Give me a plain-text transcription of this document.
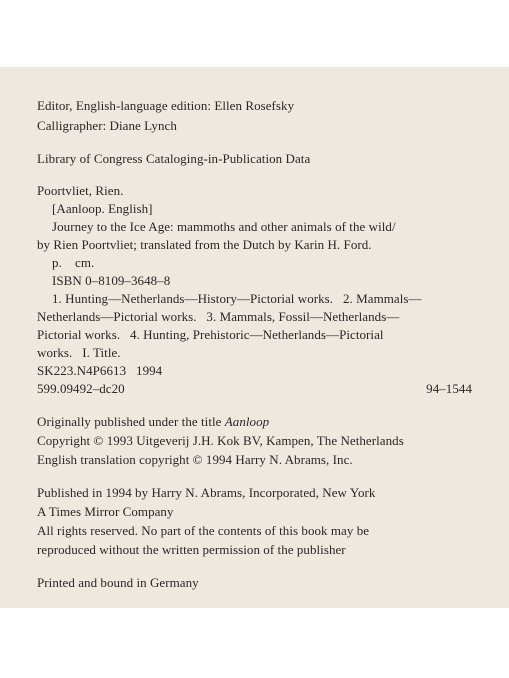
Editor, English-language edition: Ellen Rosefsky
Calligrapher: Diane Lynch
Library of Congress Cataloging-in-Publication Data
Poortvliet, Rien.
[Aanloop. English]
Journey to the Ice Age: mammoths and other animals of the wild/
by Rien Poortvliet; translated from the Dutch by Karin H. Ford.
p.    cm.
ISBN 0–8109–3648–8
1. Hunting—Netherlands—History—Pictorial works.   2. Mammals—
Netherlands—Pictorial works.   3. Mammals, Fossil—Netherlands—
Pictorial works.   4. Hunting, Prehistoric—Netherlands—Pictorial
works.   I. Title.
SK223.N4P6613   1994
599.09492–dc20	94–1544
Originally published under the title Aanloop
Copyright © 1993 Uitgeverij J.H. Kok BV, Kampen, The Netherlands
English translation copyright © 1994 Harry N. Abrams, Inc.
Published in 1994 by Harry N. Abrams, Incorporated, New York
A Times Mirror Company
All rights reserved. No part of the contents of this book may be
reproduced without the written permission of the publisher
Printed and bound in Germany
